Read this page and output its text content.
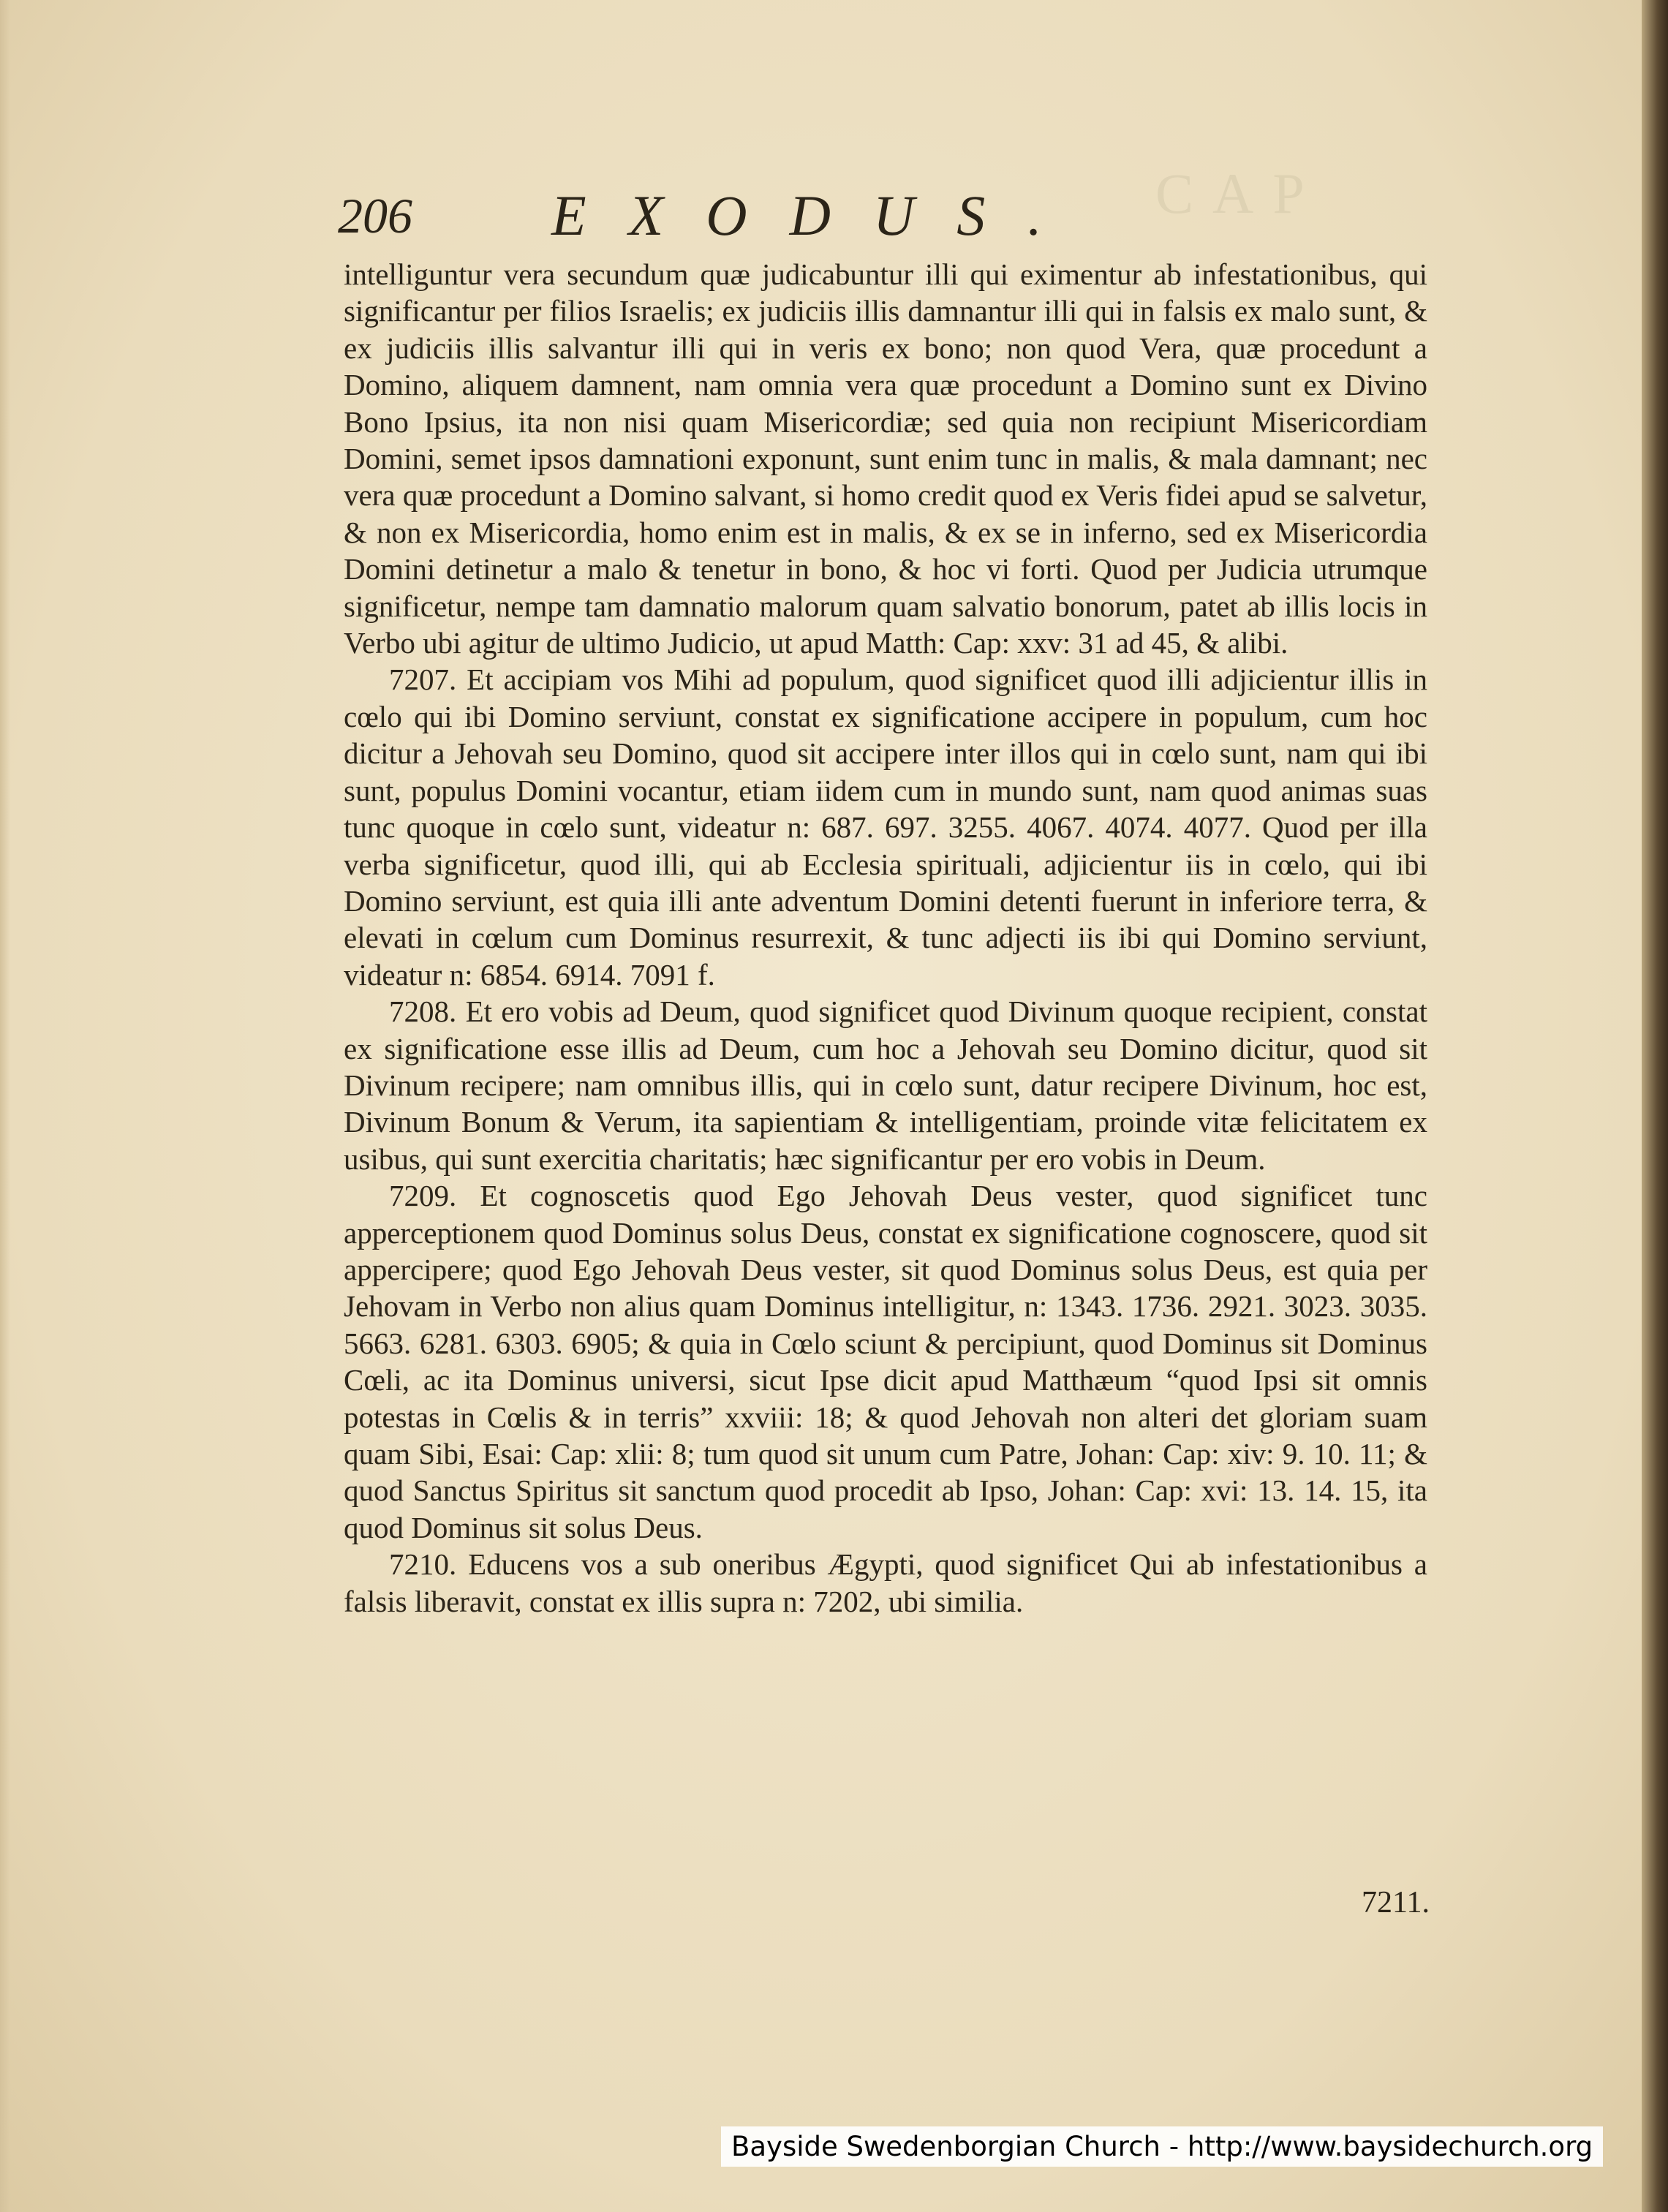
CAP
206 EXODUS.

intelliguntur vera secundum quæ judicabuntur illi qui eximentur ab infestationibus, qui significantur per filios Israelis; ex judiciis illis damnantur illi qui in falsis ex malo sunt, & ex judiciis illis salvantur illi qui in veris ex bono; non quod Vera, quæ procedunt a Domino, aliquem damnent, nam omnia vera quæ procedunt a Domino sunt ex Divino Bono Ipsius, ita non nisi quam Misericordiæ; sed quia non recipiunt Misericordiam Domini, semet ipsos damnationi exponunt, sunt enim tunc in malis, & mala damnant; nec vera quæ procedunt a Domino salvant, si homo credit quod ex Veris fidei apud se salvetur, & non ex Misericordia, homo enim est in malis, & ex se in inferno, sed ex Misericordia Domini detinetur a malo & tenetur in bono, & hoc vi forti. Quod per Judicia utrumque significetur, nempe tam damnatio malorum quam salvatio bonorum, patet ab illis locis in Verbo ubi agitur de ultimo Judicio, ut apud Matth: Cap: xxv: 31 ad 45, & alibi.

7207. Et accipiam vos Mihi ad populum, quod significet quod illi adjicientur illis in cœlo qui ibi Domino serviunt, constat ex significatione accipere in populum, cum hoc dicitur a Jehovah seu Domino, quod sit accipere inter illos qui in cœlo sunt, nam qui ibi sunt, populus Domini vocantur, etiam iidem cum in mundo sunt, nam quod animas suas tunc quoque in cœlo sunt, videatur n: 687. 697. 3255. 4067. 4074. 4077. Quod per illa verba significetur, quod illi, qui ab Ecclesia spirituali, adjicientur iis in cœlo, qui ibi Domino serviunt, est quia illi ante adventum Domini detenti fuerunt in inferiore terra, & elevati in cœlum cum Dominus resurrexit, & tunc adjecti iis ibi qui Domino serviunt, videatur n: 6854. 6914. 7091 f.

7208. Et ero vobis ad Deum, quod significet quod Divinum quoque recipient, constat ex significatione esse illis ad Deum, cum hoc a Jehovah seu Domino dicitur, quod sit Divinum recipere; nam omnibus illis, qui in cœlo sunt, datur recipere Divinum, hoc est, Divinum Bonum & Verum, ita sapientiam & intelligentiam, proinde vitæ felicitatem ex usibus, qui sunt exercitia charitatis; hæc significantur per ero vobis in Deum.

7209. Et cognoscetis quod Ego Jehovah Deus vester, quod significet tunc apperceptionem quod Dominus solus Deus, constat ex significatione cognoscere, quod sit appercipere; quod Ego Jehovah Deus vester, sit quod Dominus solus Deus, est quia per Jehovam in Verbo non alius quam Dominus intelligitur, n: 1343. 1736. 2921. 3023. 3035. 5663. 6281. 6303. 6905; & quia in Cœlo sciunt & percipiunt, quod Dominus sit Dominus Cœli, ac ita Dominus universi, sicut Ipse dicit apud Matthæum “quod Ipsi sit omnis potestas in Cœlis & in terris” xxviii: 18; & quod Jehovah non alteri det gloriam suam quam Sibi, Esai: Cap: xlii: 8; tum quod sit unum cum Patre, Johan: Cap: xiv: 9. 10. 11; & quod Sanctus Spiritus sit sanctum quod procedit ab Ipso, Johan: Cap: xvi: 13. 14. 15, ita quod Dominus sit solus Deus.

7210. Educens vos a sub oneribus Ægypti, quod significet Qui ab infestationibus a falsis liberavit, constat ex illis supra n: 7202, ubi similia.

7211.
Bayside Swedenborgian Church - http://www.baysidechurch.org
